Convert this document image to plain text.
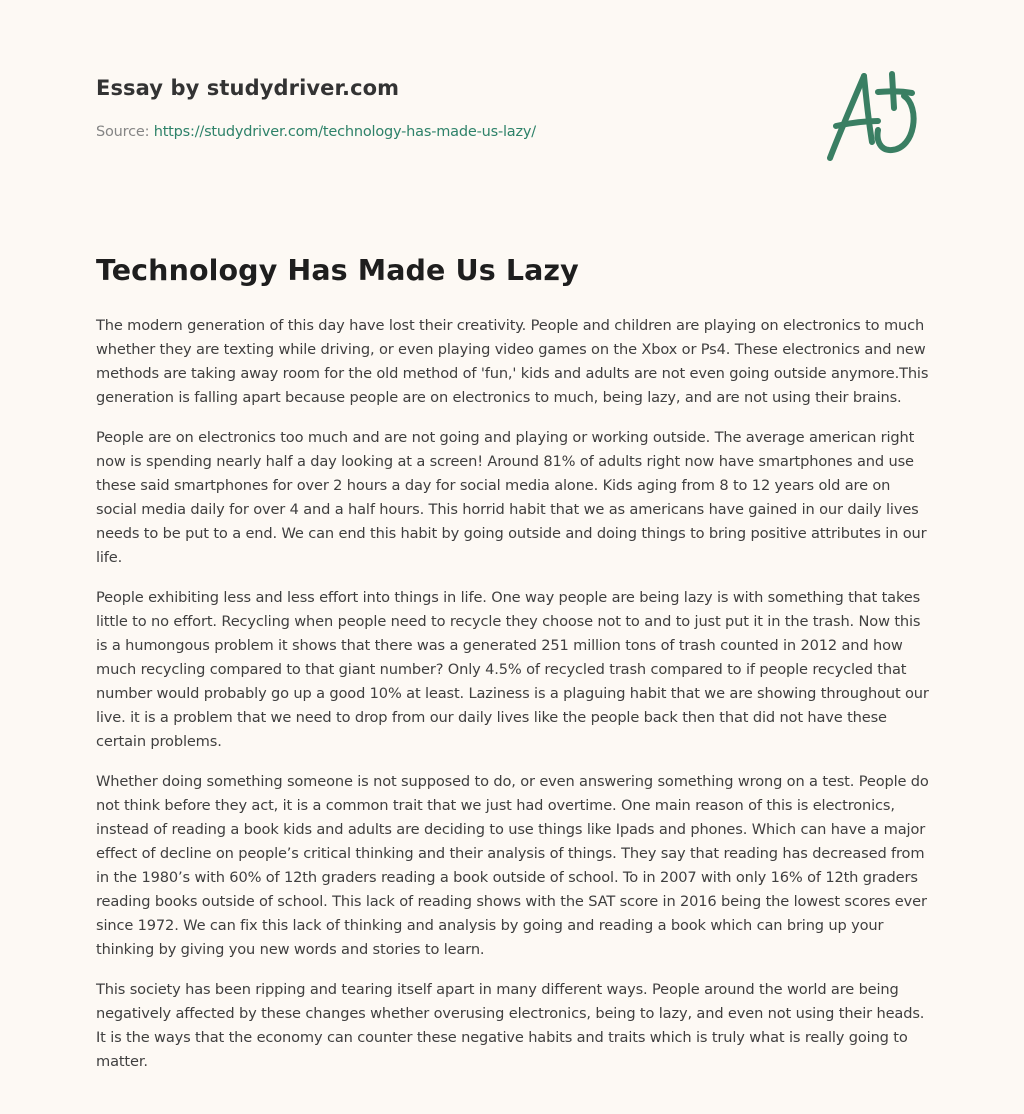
Essay by studydriver.com
Source: https://studydriver.com/technology-has-made-us-lazy/
Technology Has Made Us Lazy

The modern generation of this day have lost their creativity. People and children are playing on electronics to much whether they are texting while driving, or even playing video games on the Xbox or Ps4. These electronics and new methods are taking away room for the old method of 'fun,' kids and adults are not even going outside anymore.This generation is falling apart because people are on electronics to much, being lazy, and are not using their brains.

People are on electronics too much and are not going and playing or working outside. The average american right now is spending nearly half a day looking at a screen! Around 81% of adults right now have smartphones and use these said smartphones for over 2 hours a day for social media alone. Kids aging from 8 to 12 years old are on social media daily for over 4 and a half hours. This horrid habit that we as americans have gained in our daily lives needs to be put to a end. We can end this habit by going outside and doing things to bring positive attributes in our life.

People exhibiting less and less effort into things in life. One way people are being lazy is with something that takes little to no effort. Recycling when people need to recycle they choose not to and to just put it in the trash. Now this is a humongous problem it shows that there was a generated 251 million tons of trash counted in 2012 and how much recycling compared to that giant number? Only 4.5% of recycled trash compared to if people recycled that number would probably go up a good 10% at least. Laziness is a plaguing habit that we are showing throughout our live. it is a problem that we need to drop from our daily lives like the people back then that did not have these certain problems.

Whether doing something someone is not supposed to do, or even answering something wrong on a test. People do not think before they act, it is a common trait that we just had overtime. One main reason of this is electronics, instead of reading a book kids and adults are deciding to use things like Ipads and phones. Which can have a major effect of decline on people’s critical thinking and their analysis of things. They say that reading has decreased from in the 1980’s with 60% of 12th graders reading a book outside of school. To in 2007 with only 16% of 12th graders reading books outside of school. This lack of reading shows with the SAT score in 2016 being the lowest scores ever since 1972. We can fix this lack of thinking and analysis by going and reading a book which can bring up your thinking by giving you new words and stories to learn.

This society has been ripping and tearing itself apart in many different ways. People around the world are being negatively affected by these changes whether overusing electronics, being to lazy, and even not using their heads. It is the ways that the economy can counter these negative habits and traits which is truly what is really going to matter.
